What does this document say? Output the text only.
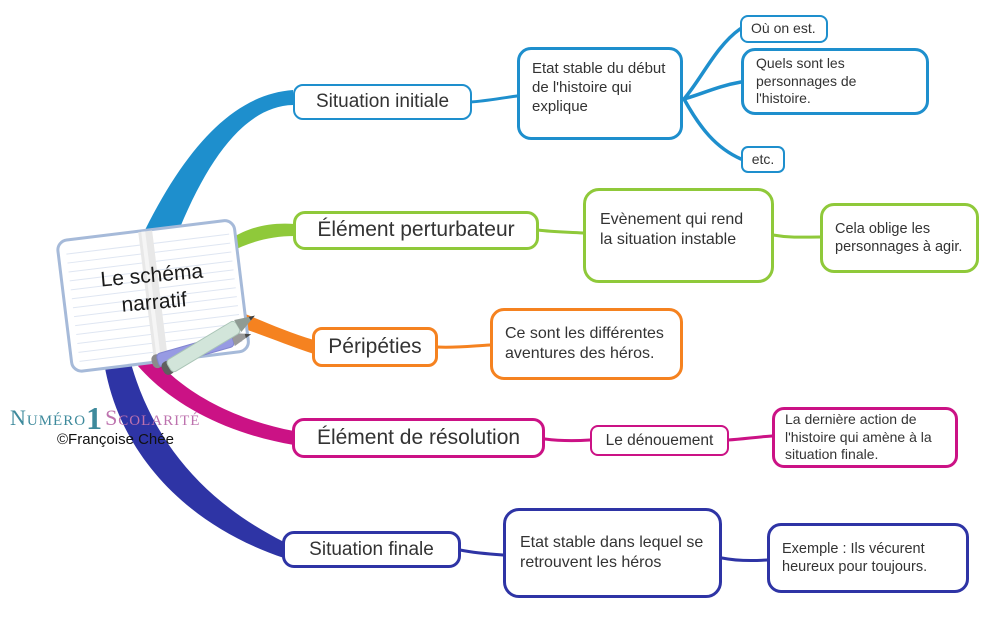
Le schéma narratif
Situation initiale
Etat stable du début de l'histoire qui explique
Où on est.
Quels sont les personnages de l'histoire.
etc.
Élément perturbateur	Evènement qui rend la situation instable
Cela oblige les personnages à agir.
Péripéties
Ce sont les différentes aventures des héros.
Élément de résolution	Le dénouement
La dernière action de l'histoire qui amène à la situation finale.
Situation finale	Etat stable dans lequel se retrouvent les héros
Exemple : Ils vécurent heureux pour toujours.
Numéro1 Scolarité
©Françoise Chée
